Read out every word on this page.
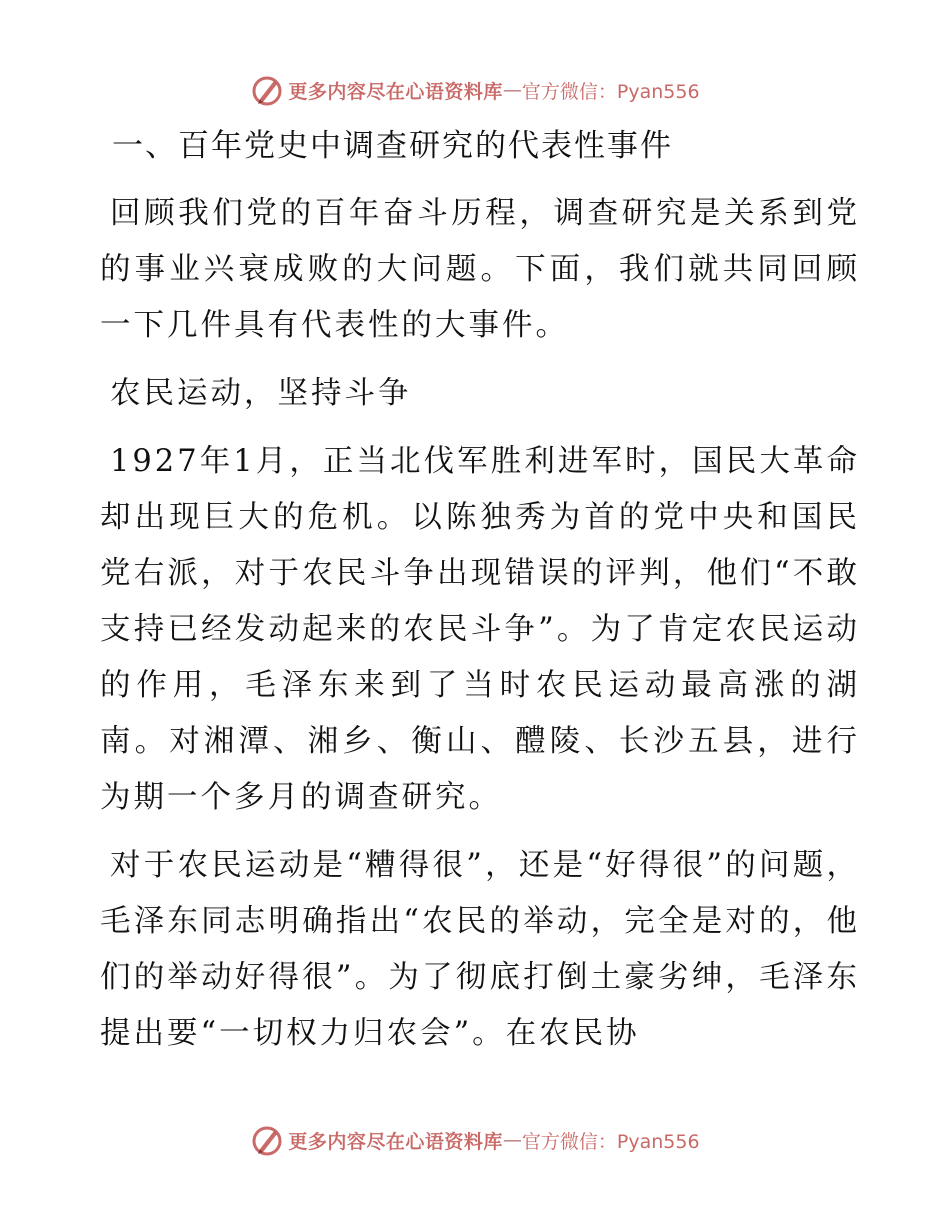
更多内容尽在心语资料库 — 官方微信：Pyan556
一、百年党史中调查研究的代表性事件

回顾我们党的百年奋斗历程，调查研究是关系到党的事业兴衰成败的大问题。下面，我们就共同回顾一下几件具有代表性的大事件。

农民运动，坚持斗争

1927年1月，正当北伐军胜利进军时，国民大革命却出现巨大的危机。以陈独秀为首的党中央和国民党右派，对于农民斗争出现错误的评判，他们“不敢支持已经发动起来的农民斗争”。为了肯定农民运动的作用，毛泽东来到了当时农民运动最高涨的湖南。对湘潭、湘乡、衡山、醴陵、长沙五县，进行为期一个多月的调查研究。

对于农民运动是“糟得很”，还是“好得很”的问题，毛泽东同志明确指出“农民的举动，完全是对的，他们的举动好得很”。为了彻底打倒土豪劣绅，毛泽东提出要“一切权力归农会”。在农民协

更多内容尽在心语资料库 — 官方微信：Pyan556
